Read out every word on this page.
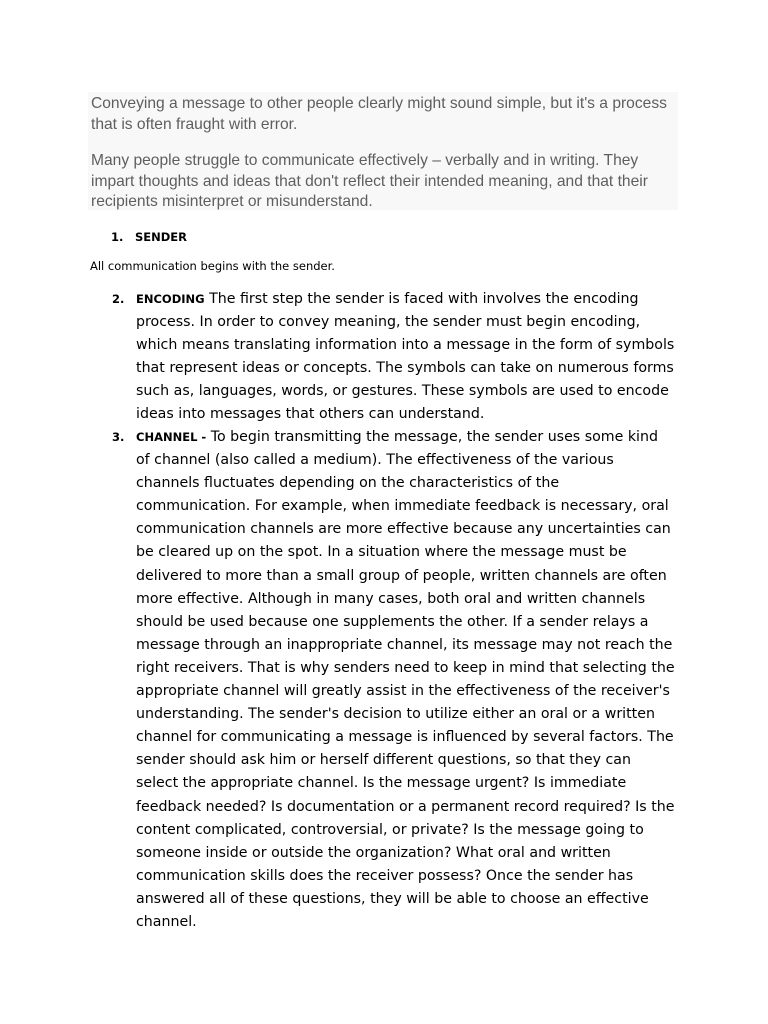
Conveying a message to other people clearly might sound simple, but it's a process that is often fraught with error.

Many people struggle to communicate effectively – verbally and in writing. They impart thoughts and ideas that don't reflect their intended meaning, and that their recipients misinterpret or misunderstand.

1. SENDER
All communication begins with the sender.

2. ENCODING The first step the sender is faced with involves the encoding process. In order to convey meaning, the sender must begin encoding, which means translating information into a message in the form of symbols that represent ideas or concepts. The symbols can take on numerous forms such as, languages, words, or gestures. These symbols are used to encode ideas into messages that others can understand.

3. CHANNEL - To begin transmitting the message, the sender uses some kind of channel (also called a medium). The effectiveness of the various channels fluctuates depending on the characteristics of the communication. For example, when immediate feedback is necessary, oral communication channels are more effective because any uncertainties can be cleared up on the spot. In a situation where the message must be delivered to more than a small group of people, written channels are often more effective. Although in many cases, both oral and written channels should be used because one supplements the other. If a sender relays a message through an inappropriate channel, its message may not reach the right receivers. That is why senders need to keep in mind that selecting the appropriate channel will greatly assist in the effectiveness of the receiver's understanding. The sender's decision to utilize either an oral or a written channel for communicating a message is influenced by several factors. The sender should ask him or herself different questions, so that they can select the appropriate channel. Is the message urgent? Is immediate feedback needed? Is documentation or a permanent record required? Is the content complicated, controversial, or private? Is the message going to someone inside or outside the organization? What oral and written communication skills does the receiver possess? Once the sender has answered all of these questions, they will be able to choose an effective channel.
